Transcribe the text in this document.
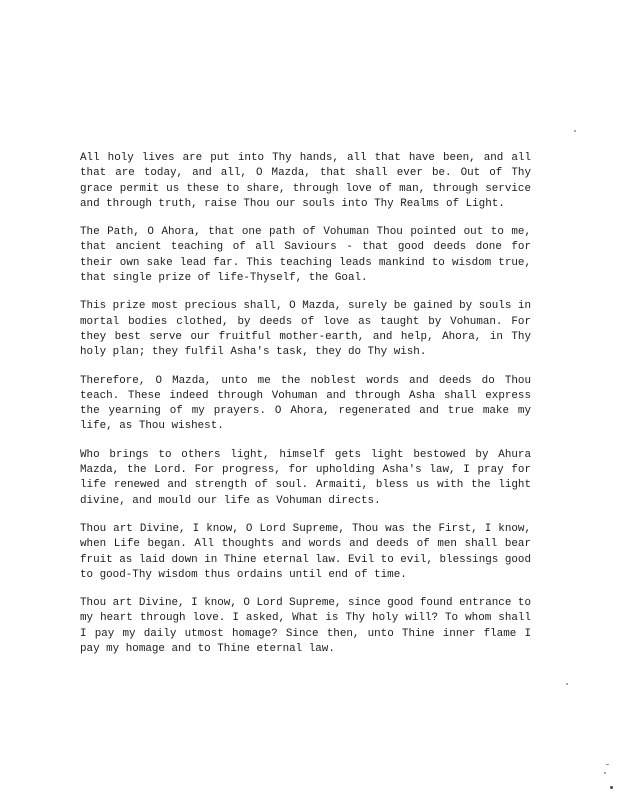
All holy lives are put into Thy hands, all that have been, and all that are today, and all, O Mazda, that shall ever be. Out of Thy grace permit us these to share, through love of man, through service and through truth, raise Thou our souls into Thy Realms of Light.

The Path, O Ahora, that one path of Vohuman Thou pointed out to me, that ancient teaching of all Saviours - that good deeds done for their own sake lead far. This teaching leads mankind to wisdom true, that single prize of life-Thyself, the Goal.

This prize most precious shall, O Mazda, surely be gained by souls in mortal bodies clothed, by deeds of love as taught by Vohuman. For they best serve our fruitful mother-earth, and help, Ahora, in Thy holy plan; they fulfil Asha's task, they do Thy wish.

Therefore, O Mazda, unto me the noblest words and deeds do Thou teach. These indeed through Vohuman and through Asha shall express the yearning of my prayers. O Ahora, regenerated and true make my life, as Thou wishest.

Who brings to others light, himself gets light bestowed by Ahura Mazda, the Lord. For progress, for upholding Asha's law, I pray for life renewed and strength of soul. Armaiti, bless us with the light divine, and mould our life as Vohuman directs.

Thou art Divine, I know, O Lord Supreme, Thou was the First, I know, when Life began. All thoughts and words and deeds of men shall bear fruit as laid down in Thine eternal law. Evil to evil, blessings good to good-Thy wisdom thus ordains until end of time.

Thou art Divine, I know, O Lord Supreme, since good found entrance to my heart through love. I asked, What is Thy holy will? To whom shall I pay my daily utmost homage? Since then, unto Thine inner flame I pay my homage and to Thine eternal law.
